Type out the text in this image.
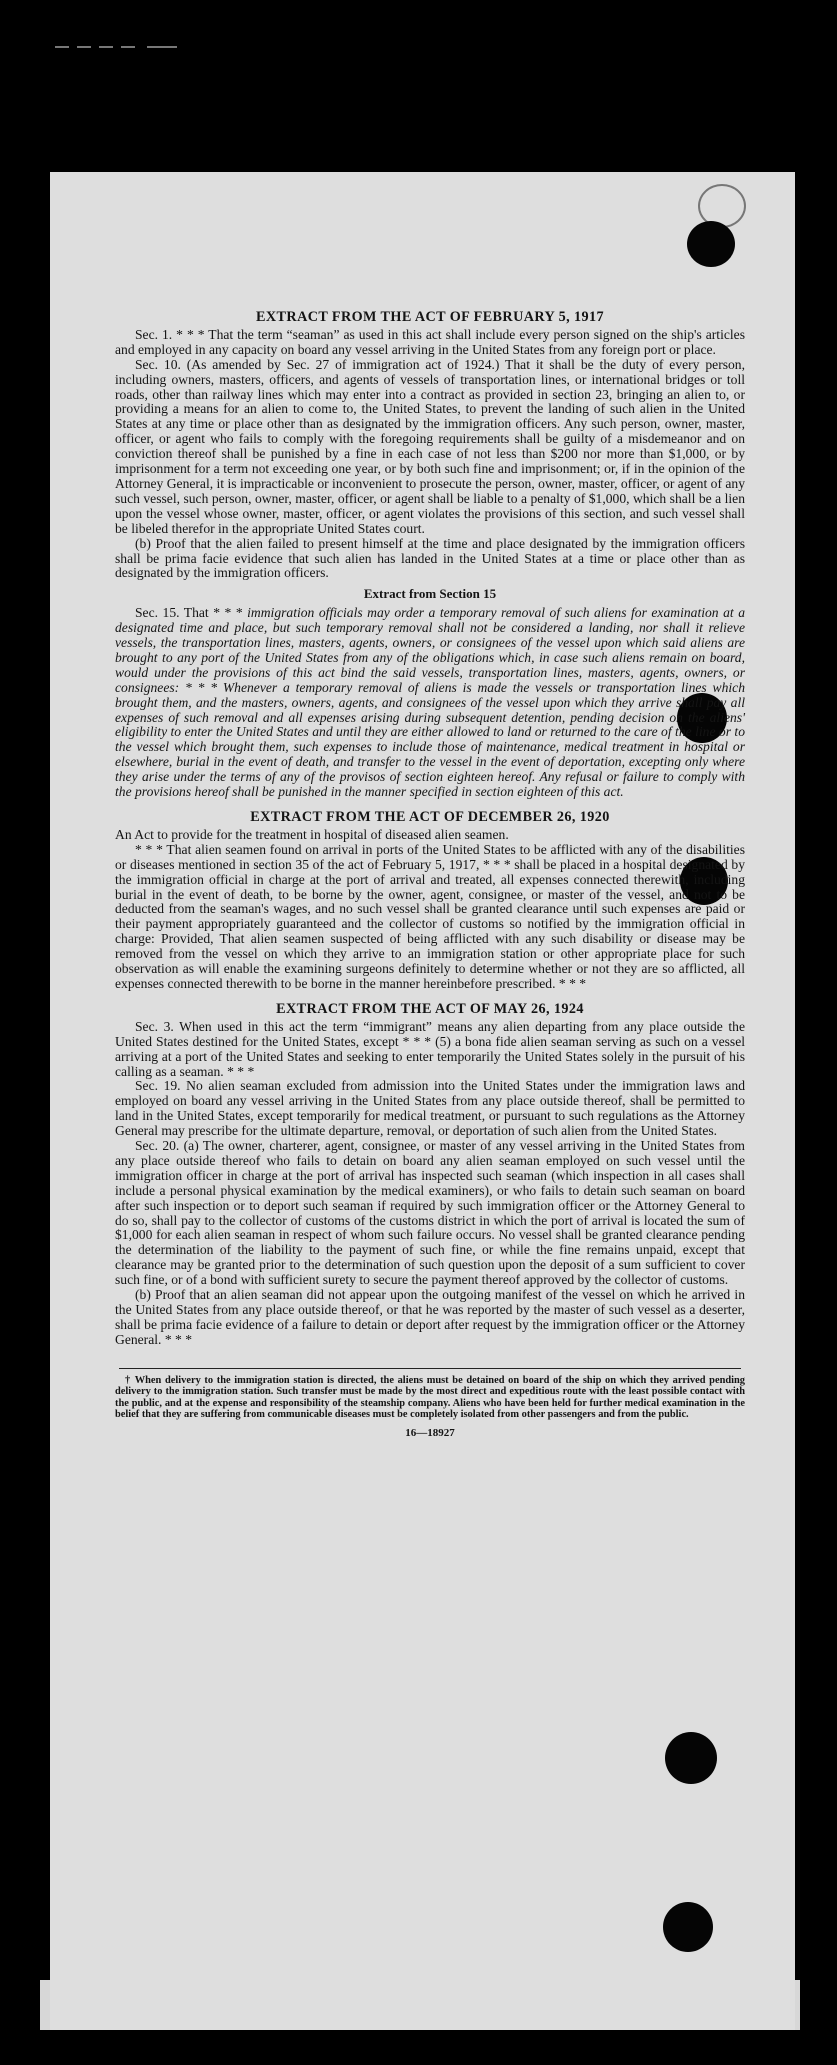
EXTRACT FROM THE ACT OF FEBRUARY 5, 1917

Sec. 1. * * * That the term “seaman” as used in this act shall include every person signed on the ship's articles and employed in any capacity on board any vessel arriving in the United States from any foreign port or place.

Sec. 10. (As amended by Sec. 27 of immigration act of 1924.) That it shall be the duty of every person, including owners, masters, officers, and agents of vessels of transportation lines, or international bridges or toll roads, other than railway lines which may enter into a contract as provided in section 23, bringing an alien to, or providing a means for an alien to come to, the United States, to prevent the landing of such alien in the United States at any time or place other than as designated by the immigration officers. Any such person, owner, master, officer, or agent who fails to comply with the foregoing requirements shall be guilty of a misdemeanor and on conviction thereof shall be punished by a fine in each case of not less than $200 nor more than $1,000, or by imprisonment for a term not exceeding one year, or by both such fine and imprisonment; or, if in the opinion of the Attorney General, it is impracticable or inconvenient to prosecute the person, owner, master, officer, or agent of any such vessel, such person, owner, master, officer, or agent shall be liable to a penalty of $1,000, which shall be a lien upon the vessel whose owner, master, officer, or agent violates the provisions of this section, and such vessel shall be libeled therefor in the appropriate United States court.

(b) Proof that the alien failed to present himself at the time and place designated by the immigration officers shall be prima facie evidence that such alien has landed in the United States at a time or place other than as designated by the immigration officers.

Extract from Section 15

Sec. 15. That * * * immigration officials may order a temporary removal of such aliens for examination at a designated time and place, but such temporary removal shall not be considered a landing, nor shall it relieve vessels, the transportation lines, masters, agents, owners, or consignees of the vessel upon which said aliens are brought to any port of the United States from any of the obligations which, in case such aliens remain on board, would under the provisions of this act bind the said vessels, transportation lines, masters, agents, owners, or consignees: * * * Whenever a temporary removal of aliens is made the vessels or transportation lines which brought them, and the masters, owners, agents, and consignees of the vessel upon which they arrive shall pay all expenses of such removal and all expenses arising during subsequent detention, pending decision on the aliens' eligibility to enter the United States and until they are either allowed to land or returned to the care of the line or to the vessel which brought them, such expenses to include those of maintenance, medical treatment in hospital or elsewhere, burial in the event of death, and transfer to the vessel in the event of deportation, excepting only where they arise under the terms of any of the provisos of section eighteen hereof. Any refusal or failure to comply with the provisions hereof shall be punished in the manner specified in section eighteen of this act.

EXTRACT FROM THE ACT OF DECEMBER 26, 1920

An Act to provide for the treatment in hospital of diseased alien seamen.

* * * That alien seamen found on arrival in ports of the United States to be afflicted with any of the disabilities or diseases mentioned in section 35 of the act of February 5, 1917, * * * shall be placed in a hospital designated by the immigration official in charge at the port of arrival and treated, all expenses connected therewith, including burial in the event of death, to be borne by the owner, agent, consignee, or master of the vessel, and not to be deducted from the seaman's wages, and no such vessel shall be granted clearance until such expenses are paid or their payment appropriately guaranteed and the collector of customs so notified by the immigration official in charge: Provided, That alien seamen suspected of being afflicted with any such disability or disease may be removed from the vessel on which they arrive to an immigration station or other appropriate place for such observation as will enable the examining surgeons definitely to determine whether or not they are so afflicted, all expenses connected therewith to be borne in the manner hereinbefore prescribed. * * *

EXTRACT FROM THE ACT OF MAY 26, 1924

Sec. 3. When used in this act the term “immigrant” means any alien departing from any place outside the United States destined for the United States, except * * * (5) a bona fide alien seaman serving as such on a vessel arriving at a port of the United States and seeking to enter temporarily the United States solely in the pursuit of his calling as a seaman. * * *

Sec. 19. No alien seaman excluded from admission into the United States under the immigration laws and employed on board any vessel arriving in the United States from any place outside thereof, shall be permitted to land in the United States, except temporarily for medical treatment, or pursuant to such regulations as the Attorney General may prescribe for the ultimate departure, removal, or deportation of such alien from the United States.

Sec. 20. (a) The owner, charterer, agent, consignee, or master of any vessel arriving in the United States from any place outside thereof who fails to detain on board any alien seaman employed on such vessel until the immigration officer in charge at the port of arrival has inspected such seaman (which inspection in all cases shall include a personal physical examination by the medical examiners), or who fails to detain such seaman on board after such inspection or to deport such seaman if required by such immigration officer or the Attorney General to do so, shall pay to the collector of customs of the customs district in which the port of arrival is located the sum of $1,000 for each alien seaman in respect of whom such failure occurs. No vessel shall be granted clearance pending the determination of the liability to the payment of such fine, or while the fine remains unpaid, except that clearance may be granted prior to the determination of such question upon the deposit of a sum sufficient to cover such fine, or of a bond with sufficient surety to secure the payment thereof approved by the collector of customs.

(b) Proof that an alien seaman did not appear upon the outgoing manifest of the vessel on which he arrived in the United States from any place outside thereof, or that he was reported by the master of such vessel as a deserter, shall be prima facie evidence of a failure to detain or deport after request by the immigration officer or the Attorney General. * * *

† When delivery to the immigration station is directed, the aliens must be detained on board of the ship on which they arrived pending delivery to the immigration station. Such transfer must be made by the most direct and expeditious route with the least possible contact with the public, and at the expense and responsibility of the steamship company. Aliens who have been held for further medical examination in the belief that they are suffering from communicable diseases must be completely isolated from other passengers and from the public.

16—18927
